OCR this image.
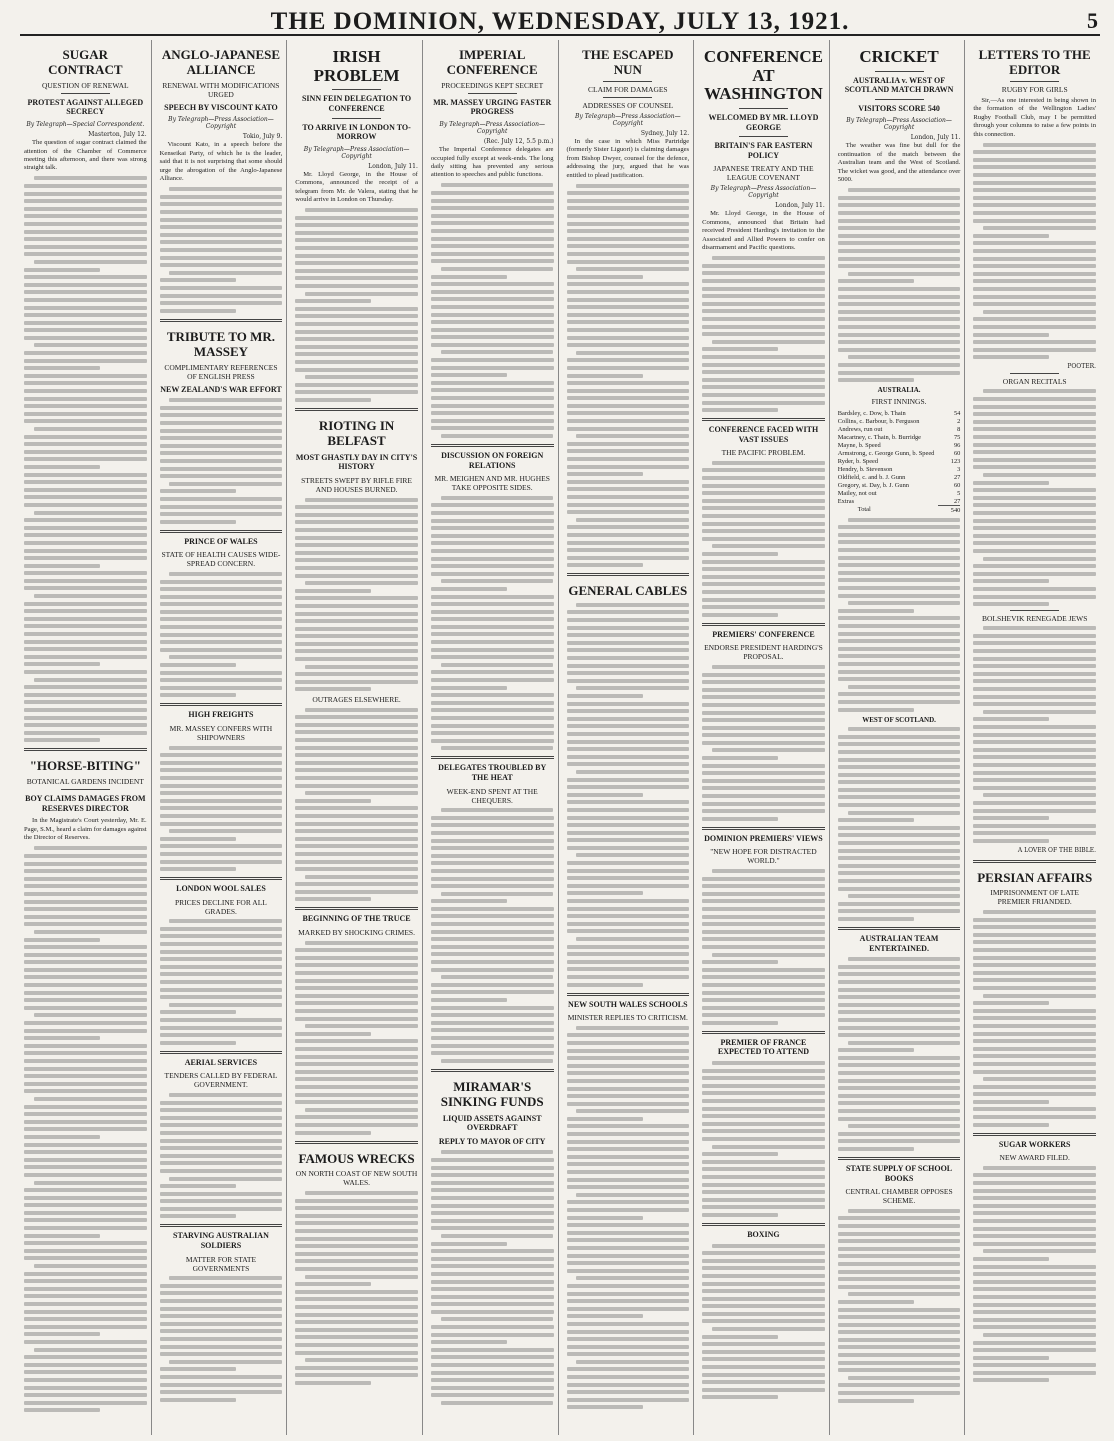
THE DOMINION, WEDNESDAY, JULY 13, 1921.	5
SUGAR CONTRACT
QUESTION OF RENEWAL
PROTEST AGAINST ALLEGED SECRECY
By Telegraph—Special Correspondent.
Masterton, July 12.
The question of sugar contract claimed the attention of the Chamber of Commerce meeting this afternoon, and there was strong straight talk.
"HORSE-BITING"
BOTANICAL GARDENS INCIDENT
BOY CLAIMS DAMAGES FROM RESERVES DIRECTOR
In the Magistrate's Court yesterday, Mr. E. Page, S.M., heard a claim for damages against the Director of Reserves.
ANGLO-JAPANESE ALLIANCE
RENEWAL WITH MODIFICATIONS URGED
SPEECH BY VISCOUNT KATO
By Telegraph—Press Association—Copyright
Tokio, July 9.
Viscount Kato, in a speech before the Kenseikai Party, of which he is the leader, said that it is not surprising that some should urge the abrogation of the Anglo-Japanese Alliance.
TRIBUTE TO MR. MASSEY
COMPLIMENTARY REFERENCES OF ENGLISH PRESS
NEW ZEALAND'S WAR EFFORT
PRINCE OF WALES
STATE OF HEALTH CAUSES WIDE-SPREAD CONCERN.
HIGH FREIGHTS
MR. MASSEY CONFERS WITH SHIPOWNERS
LONDON WOOL SALES
PRICES DECLINE FOR ALL GRADES.
AERIAL SERVICES
TENDERS CALLED BY FEDERAL GOVERNMENT.
STARVING AUSTRALIAN SOLDIERS
MATTER FOR STATE GOVERNMENTS
IRISH PROBLEM
SINN FEIN DELEGATION TO CONFERENCE
TO ARRIVE IN LONDON TO-MORROW
By Telegraph—Press Association—Copyright
London, July 11.
Mr. Lloyd George, in the House of Commons, announced the receipt of a telegram from Mr. de Valera, stating that he would arrive in London on Thursday.
RIOTING IN BELFAST
MOST GHASTLY DAY IN CITY'S HISTORY
STREETS SWEPT BY RIFLE FIRE AND HOUSES BURNED.
OUTRAGES ELSEWHERE.
BEGINNING OF THE TRUCE
MARKED BY SHOCKING CRIMES.
FAMOUS WRECKS
ON NORTH COAST OF NEW SOUTH WALES.
IMPERIAL CONFERENCE
PROCEEDINGS KEPT SECRET
MR. MASSEY URGING FASTER PROGRESS
By Telegraph—Press Association—Copyright
(Rec. July 12, 5.5 p.m.)
The Imperial Conference delegates are occupied fully except at week-ends. The long daily sitting has prevented any serious attention to speeches and public functions.
DISCUSSION ON FOREIGN RELATIONS
MR. MEIGHEN AND MR. HUGHES TAKE OPPOSITE SIDES.
DELEGATES TROUBLED BY THE HEAT
WEEK-END SPENT AT THE CHEQUERS.
MIRAMAR'S SINKING FUNDS
LIQUID ASSETS AGAINST OVERDRAFT
REPLY TO MAYOR OF CITY
THE ESCAPED NUN
CLAIM FOR DAMAGES
ADDRESSES OF COUNSEL
By Telegraph—Press Association—Copyright
Sydney, July 12.
In the case in which Miss Partridge (formerly Sister Liguori) is claiming damages from Bishop Dwyer, counsel for the defence, addressing the jury, argued that he was entitled to plead justification.
GENERAL CABLES
NEW SOUTH WALES SCHOOLS
MINISTER REPLIES TO CRITICISM.
CONFERENCE AT WASHINGTON
WELCOMED BY MR. LLOYD GEORGE
BRITAIN'S FAR EASTERN POLICY
JAPANESE TREATY AND THE LEAGUE COVENANT
By Telegraph—Press Association—Copyright
London, July 11.
Mr. Lloyd George, in the House of Commons, announced that Britain had received President Harding's invitation to the Associated and Allied Powers to confer on disarmament and Pacific questions.
CONFERENCE FACED WITH VAST ISSUES
THE PACIFIC PROBLEM.
PREMIERS' CONFERENCE
ENDORSE PRESIDENT HARDING'S PROPOSAL.
DOMINION PREMIERS' VIEWS
"NEW HOPE FOR DISTRACTED WORLD."
PREMIER OF FRANCE EXPECTED TO ATTEND
BOXING
CRICKET
AUSTRALIA v. WEST OF SCOTLAND MATCH DRAWN
VISITORS SCORE 540
By Telegraph—Press Association—Copyright
London, July 11.
The weather was fine but dull for the continuation of the match between the Australian team and the West of Scotland. The wicket was good, and the attendance over 5000.
AUSTRALIA.
FIRST INNINGS.
Bardsley, c. Dow, b. Thain	54
Collins, c. Barbour, b. Ferguson	2
Andrews, run out	8
Macartney, c. Thain, b. Burridge	75
Mayne, b. Speed	96
Armstrong, c. George Gunn, b. Speed	60
Ryder, b. Speed	123
Hendry, b. Stevenson	3
Oldfield, c. and b. J. Gunn	27
Gregory, st. Day, b. J. Gunn	60
Mailey, not out	5
Extras	27
Total	540
WEST OF SCOTLAND.
AUSTRALIAN TEAM ENTERTAINED.
STATE SUPPLY OF SCHOOL BOOKS
CENTRAL CHAMBER OPPOSES SCHEME.
LETTERS TO THE EDITOR
RUGBY FOR GIRLS
Sir,—As one interested in being shown in the formation of the Wellington Ladies' Rugby Football Club, may I be permitted through your columns to raise a few points in this connection.
POOTER.
ORGAN RECITALS
BOLSHEVIK RENEGADE JEWS
A LOVER OF THE BIBLE.
PERSIAN AFFAIRS
IMPRISONMENT OF LATE PREMIER FRIANDED.
SUGAR WORKERS
NEW AWARD FILED.
